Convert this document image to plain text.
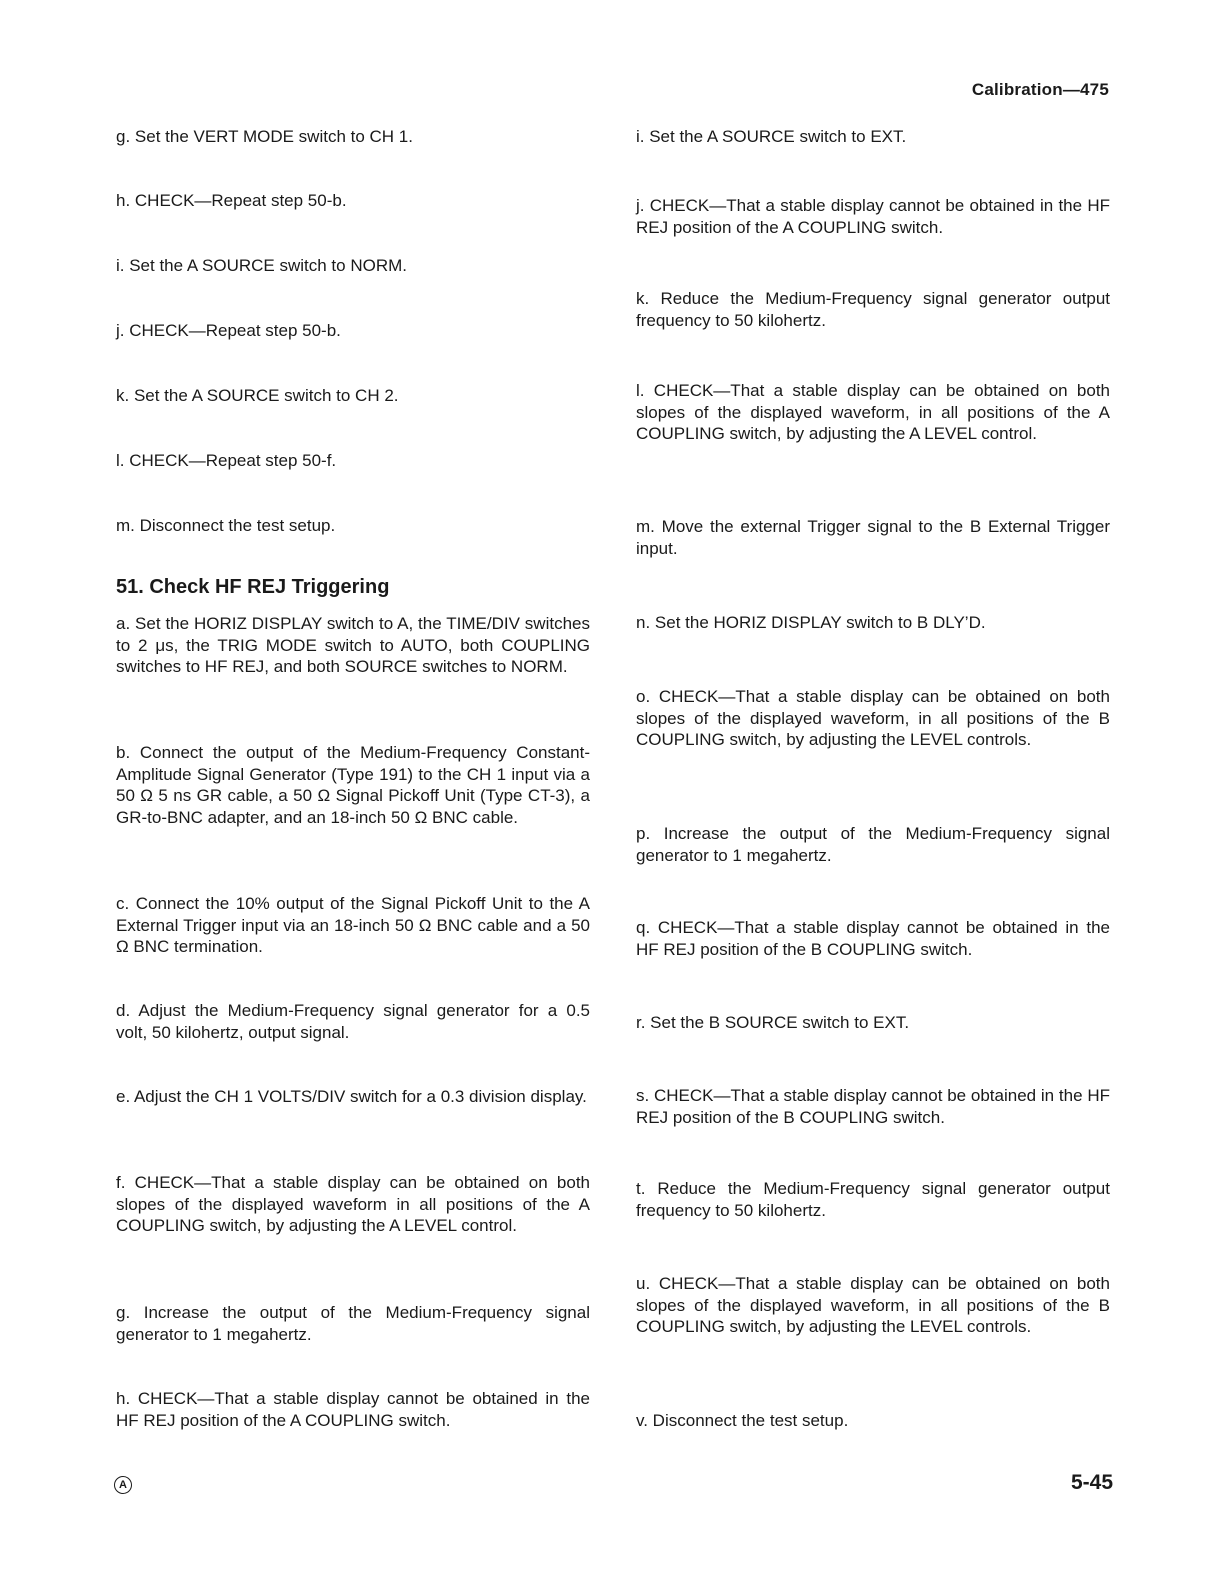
Calibration—475

g. Set the VERT MODE switch to CH 1.

h. CHECK—Repeat step 50-b.

i. Set the A SOURCE switch to NORM.

j. CHECK—Repeat step 50-b.

k. Set the A SOURCE switch to CH 2.

l. CHECK—Repeat step 50-f.

m. Disconnect the test setup.

51. Check HF REJ Triggering

a. Set the HORIZ DISPLAY switch to A, the TIME/DIV switches to 2 μs, the TRIG MODE switch to AUTO, both COUPLING switches to HF REJ, and both SOURCE switches to NORM.

b. Connect the output of the Medium-Frequency Constant-Amplitude Signal Generator (Type 191) to the CH 1 input via a 50 Ω 5 ns GR cable, a 50 Ω Signal Pickoff Unit (Type CT-3), a GR-to-BNC adapter, and an 18-inch 50 Ω BNC cable.

c. Connect the 10% output of the Signal Pickoff Unit to the A External Trigger input via an 18-inch 50 Ω BNC cable and a 50 Ω BNC termination.

d. Adjust the Medium-Frequency signal generator for a 0.5 volt, 50 kilohertz, output signal.

e. Adjust the CH 1 VOLTS/DIV switch for a 0.3 division display.

f. CHECK—That a stable display can be obtained on both slopes of the displayed waveform in all positions of the A COUPLING switch, by adjusting the A LEVEL control.

g. Increase the output of the Medium-Frequency signal generator to 1 megahertz.

h. CHECK—That a stable display cannot be obtained in the HF REJ position of the A COUPLING switch.

i. Set the A SOURCE switch to EXT.

j. CHECK—That a stable display cannot be obtained in the HF REJ position of the A COUPLING switch.

k. Reduce the Medium-Frequency signal generator output frequency to 50 kilohertz.

l. CHECK—That a stable display can be obtained on both slopes of the displayed waveform, in all positions of the A COUPLING switch, by adjusting the A LEVEL control.

m. Move the external Trigger signal to the B External Trigger input.

n. Set the HORIZ DISPLAY switch to B DLY’D.

o. CHECK—That a stable display can be obtained on both slopes of the displayed waveform, in all positions of the B COUPLING switch, by adjusting the LEVEL controls.

p. Increase the output of the Medium-Frequency signal generator to 1 megahertz.

q. CHECK—That a stable display cannot be obtained in the HF REJ position of the B COUPLING switch.

r. Set the B SOURCE switch to EXT.

s. CHECK—That a stable display cannot be obtained in the HF REJ position of the B COUPLING switch.

t. Reduce the Medium-Frequency signal generator output frequency to 50 kilohertz.

u. CHECK—That a stable display can be obtained on both slopes of the displayed waveform, in all positions of the B COUPLING switch, by adjusting the LEVEL controls.

v. Disconnect the test setup.

A	5-45
